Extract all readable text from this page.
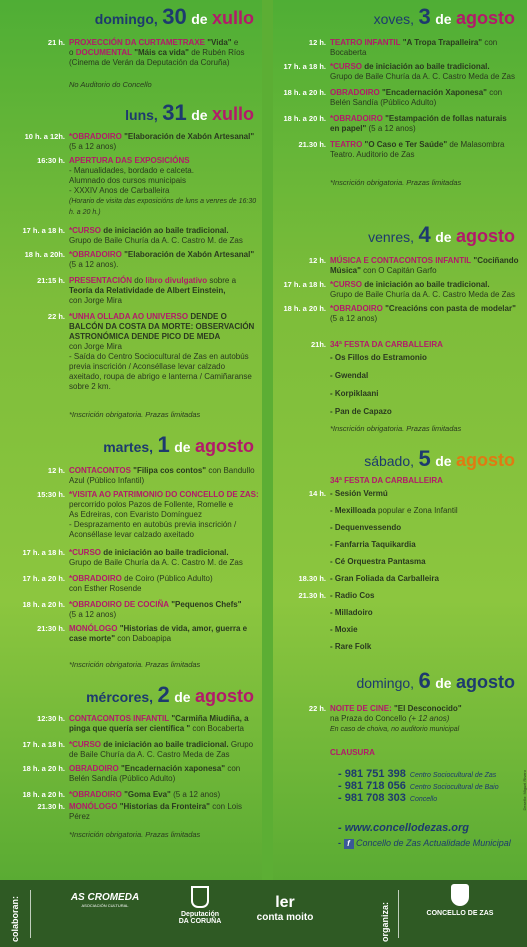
domingo, 30 de xullo
21 h. PROXECCIÓN DA CURTAMETRAXE "Vida" e
o DOCUMENTAL "Máis ca vida" de Rubén Ríos
(Cinema de Verán da Deputación da Coruña)
No Auditorio do Concello
luns, 31 de xullo
10 h. a 12h. *OBRADOIRO "Elaboración de Xabón Artesanal"
(5 a 12 anos)
16:30 h. APERTURA DAS EXPOSICIÓNS
- Manualidades, bordado e calceta.
Alumnado dos cursos municipais
- XXXIV Anos de Carballeira
(Horario de visita das exposicións de luns a venres de 16:30 h. a 20 h.)
17 h. a 18 h. *CURSO de iniciación ao baile tradicional.
Grupo de Baile Churía da A. C. Castro M. de Zas
18 h. a 20h. *OBRADOIRO "Elaboración de Xabón Artesanal"
(5 a 12 anos).
21:15 h. PRESENTACIÓN do libro divulgativo sobre a
Teoría da Relatividade de Albert Einstein,
con Jorge Mira
22 h. *UNHA OLLADA AO UNIVERSO DENDE O
BALCÓN DA COSTA DA MORTE: OBSERVACIÓN
ASTRONÓMICA DENDE PICO DE MEDA
con Jorge Mira
- Saída do Centro Sociocultural de Zas en autobús
previa inscrición / Aconséllase levar calzado
axeitado, roupa de abrigo e lanterna / Camiñaranse
sobre 2 km.
*Inscrición obrigatoria. Prazas limitadas
martes, 1 de agosto
12 h. CONTACONTOS "Filipa cos contos" con Bandullo
Azul (Público Infantil)
15:30 h. *VISITA AO PATRIMONIO DO CONCELLO DE ZAS:
percorrido polos Pazos de Follente, Romelle e
As Edreiras, con Evaristo Domínguez
- Desprazamento en autobús previa inscrición /
Aconséllase levar calzado axeitado
17 h. a 18 h. *CURSO de iniciación ao baile tradicional.
Grupo de Baile Churía da A. C. Castro M. de Zas
17 h. a 20 h. *OBRADOIRO de Coiro (Público Adulto)
con Esther Rosende
18 h. a 20 h. *OBRADOIRO DE COCIÑA "Pequenos Chefs"
(5 a 12 anos)
21:30 h. MONÓLOGO "Historias de vida, amor, guerra e
case morte" con Daboapipa
*Inscrición obrigatoria. Prazas limitadas
mércores, 2 de agosto
12:30 h. CONTACONTOS INFANTIL "Carmiña Miudiña, a
pinga que quería ser científica " con Bocaberta
17 h. a 18 h. *CURSO de iniciación ao baile tradicional. Grupo
de Baile Churía da A. C. Castro Meda de Zas
18 h. a 20 h. OBRADOIRO "Encadernación xaponesa" con
Belén Sandía (Público Adulto)
18 h. a 20 h. *OBRADOIRO "Goma Eva" (5 a 12 anos)
21.30 h. MONÓLOGO "Historias da Fronteira" con Lois Pérez
*Inscrición obrigatoria. Prazas limitadas
xoves, 3 de agosto
12 h. TEATRO INFANTIL "A Tropa Trapalleira" con
Bocaberta
17 h. a 18 h. *CURSO de iniciación ao baile tradicional.
Grupo de Baile Churía da A. C. Castro Meda de Zas
18 h. a 20 h. OBRADOIRO "Encadernación Xaponesa" con
Belén Sandía (Público Adulto)
18 h. a 20 h. *OBRADOIRO "Estampación de follas naturais
en papel" (5 a 12 anos)
21.30 h. TEATRO "O Caso e Ter Saúde" de Malasombra
Teatro. Auditorio de Zas
*Inscrición obrigatoria. Prazas limitadas
venres, 4 de agosto
12 h. MÚSICA E CONTACONTOS INFANTIL "Cociñando
Música" con O Capitán Garfo
17 h. a 18 h. *CURSO de iniciación ao baile tradicional.
Grupo de Baile Churía da A. C. Castro Meda de Zas
18 h. a 20 h. *OBRADOIRO "Creacións con pasta de modelar"
(5 a 12 anos)
21h. 34ª FESTA DA CARBALLEIRA
- Os Fillos do Estramonio
- Gwendal
- Korpiklaani
- Pan de Capazo
*Inscrición obrigatoria. Prazas limitadas
sábado, 5 de agosto
34ª FESTA DA CARBALLEIRA
14 h. - Sesión Vermú
- Mexilloada popular e Zona Infantil
- Dequenvessendo
- Fanfarria Taquikardia
- Cé Orquestra Pantasma
18.30 h. - Gran Foliada da Carballeira
21.30 h. - Radio Cos
- Milladoiro
- Moxie
- Rare Folk
domingo, 6 de agosto
22 h. NOITE DE CINE: "El Desconocido"
na Praza do Concello (+ 12 anos)
En caso de choiva, no auditorio municipal
CLAUSURA
- 981 751 398 Centro Sociocultural de Zas
- 981 718 056 Centro Sociocultural de Baio
- 981 708 303 Concello
- www.concellodezas.org
- f Concello de Zas Actualidade Municipal
Deseño: Miguel Rivero
colaboran:	AS CROMEDA
ASOCIACIÓN CULTURAL
Deputación
DA CORUÑA
ler
conta moito	organiza:	CONCELLO DE ZAS
